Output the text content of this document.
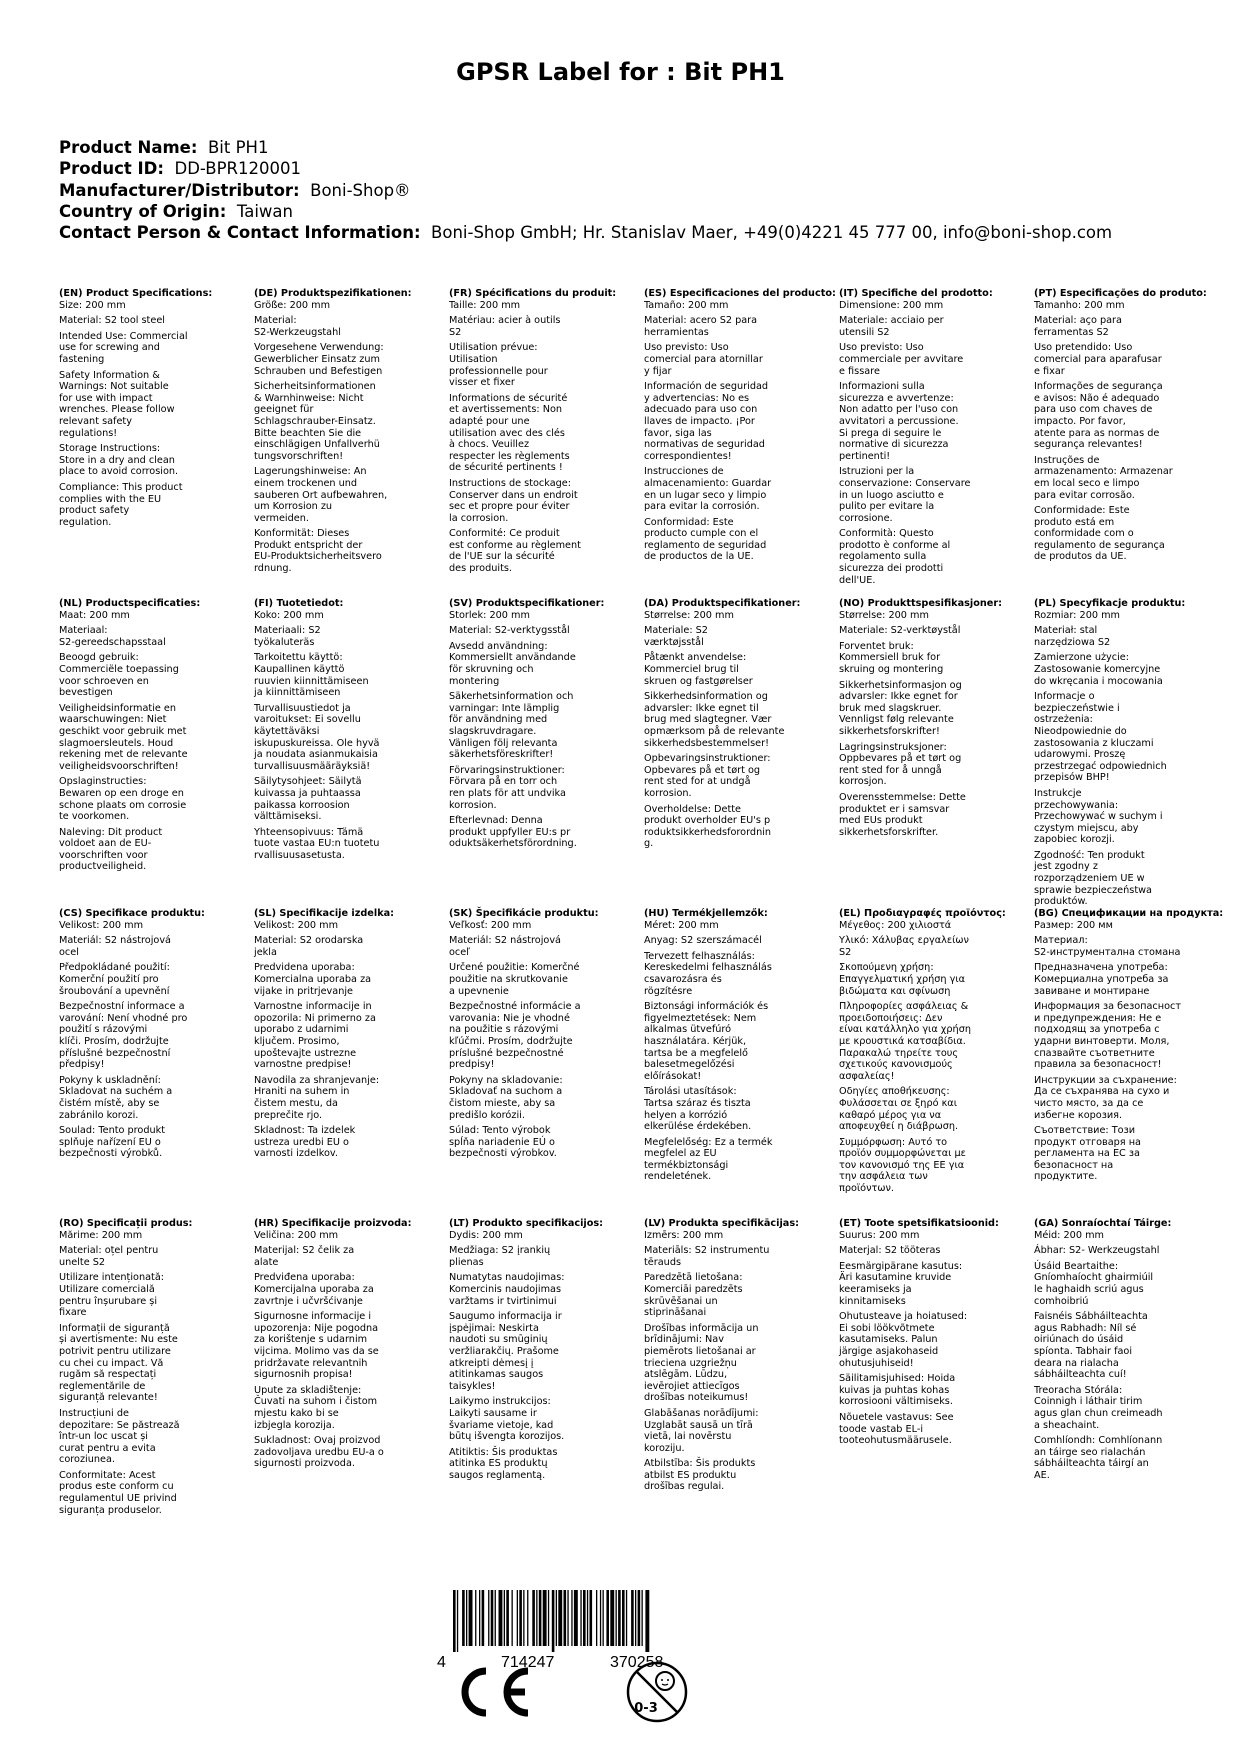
GPSR Label for : Bit PH1
Product Name: Bit PH1
Product ID: DD-BPR120001
Manufacturer/Distributor: Boni-Shop®
Country of Origin: Taiwan
Contact Person & Contact Information: Boni-Shop GmbH; Hr. Stanislav Maer, +49(0)4221 45 777 00, info@boni-shop.com
(EN) Product Specifications:
Size: 200 mm
Material: S2 tool steel
Intended Use: Commercial
use for screwing and
fastening
Safety Information &
Warnings: Not suitable
for use with impact
wrenches. Please follow
relevant safety
regulations!
Storage Instructions:
Store in a dry and clean
place to avoid corrosion.
Compliance: This product
complies with the EU
product safety
regulation.
(DE) Produktspezifikationen:
Größe: 200 mm
Material:
S2-Werkzeugstahl
Vorgesehene Verwendung:
Gewerblicher Einsatz zum
Schrauben und Befestigen
Sicherheitsinformationen
& Warnhinweise: Nicht
geeignet für
Schlagschrauber-Einsatz.
Bitte beachten Sie die
einschlägigen Unfallverhü
tungsvorschriften!
Lagerungshinweise: An
einem trockenen und
sauberen Ort aufbewahren,
um Korrosion zu
vermeiden.
Konformität: Dieses
Produkt entspricht der
EU-Produktsicherheitsvero
rdnung.
(FR) Spécifications du produit:
Taille: 200 mm
Matériau: acier à outils
S2
Utilisation prévue:
Utilisation
professionnelle pour
visser et fixer
Informations de sécurité
et avertissements: Non
adapté pour une
utilisation avec des clés
à chocs. Veuillez
respecter les règlements
de sécurité pertinents !
Instructions de stockage:
Conserver dans un endroit
sec et propre pour éviter
la corrosion.
Conformité: Ce produit
est conforme au règlement
de l'UE sur la sécurité
des produits.
(ES) Especificaciones del producto:
Tamaño: 200 mm
Material: acero S2 para
herramientas
Uso previsto: Uso
comercial para atornillar
y fijar
Información de seguridad
y advertencias: No es
adecuado para uso con
llaves de impacto. ¡Por
favor, siga las
normativas de seguridad
correspondientes!
Instrucciones de
almacenamiento: Guardar
en un lugar seco y limpio
para evitar la corrosión.
Conformidad: Este
producto cumple con el
reglamento de seguridad
de productos de la UE.
(IT) Specifiche del prodotto:
Dimensione: 200 mm
Materiale: acciaio per
utensili S2
Uso previsto: Uso
commerciale per avvitare
e fissare
Informazioni sulla
sicurezza e avvertenze:
Non adatto per l'uso con
avvitatori a percussione.
Si prega di seguire le
normative di sicurezza
pertinenti!
Istruzioni per la
conservazione: Conservare
in un luogo asciutto e
pulito per evitare la
corrosione.
Conformità: Questo
prodotto è conforme al
regolamento sulla
sicurezza dei prodotti
dell'UE.
(PT) Especificações do produto:
Tamanho: 200 mm
Material: aço para
ferramentas S2
Uso pretendido: Uso
comercial para aparafusar
e fixar
Informações de segurança
e avisos: Não é adequado
para uso com chaves de
impacto. Por favor,
atente para as normas de
segurança relevantes!
Instruções de
armazenamento: Armazenar
em local seco e limpo
para evitar corrosão.
Conformidade: Este
produto está em
conformidade com o
regulamento de segurança
de produtos da UE.
(NL) Productspecificaties:
Maat: 200 mm
Materiaal:
S2-gereedschapsstaal
Beoogd gebruik:
Commerciële toepassing
voor schroeven en
bevestigen
Veiligheidsinformatie en
waarschuwingen: Niet
geschikt voor gebruik met
slagmoersleutels. Houd
rekening met de relevante
veiligheidsvoorschriften!
Opslaginstructies:
Bewaren op een droge en
schone plaats om corrosie
te voorkomen.
Naleving: Dit product
voldoet aan de EU-
voorschriften voor
productveiligheid.
(FI) Tuotetiedot:
Koko: 200 mm
Materiaali: S2
työkaluteräs
Tarkoitettu käyttö:
Kaupallinen käyttö
ruuvien kiinnittämiseen
ja kiinnittämiseen
Turvallisuustiedot ja
varoitukset: Ei sovellu
käytettäväksi
iskupuskureissa. Ole hyvä
ja noudata asianmukaisia
turvallisuusmääräyksiä!
Säilytysohjeet: Säilytä
kuivassa ja puhtaassa
paikassa korroosion
välttämiseksi.
Yhteensopivuus: Tämä
tuote vastaa EU:n tuotetu
rvallisuusasetusta.
(SV) Produktspecifikationer:
Storlek: 200 mm
Material: S2-verktygsstål
Avsedd användning:
Kommersiellt användande
för skruvning och
montering
Säkerhetsinformation och
varningar: Inte lämplig
för användning med
slagskruvdragare.
Vänligen följ relevanta
säkerhetsföreskrifter!
Förvaringsinstruktioner:
Förvara på en torr och
ren plats för att undvika
korrosion.
Efterlevnad: Denna
produkt uppfyller EU:s pr
oduktsäkerhetsförordning.
(DA) Produktspecifikationer:
Størrelse: 200 mm
Materiale: S2
værktøjsstål
Påtænkt anvendelse:
Kommerciel brug til
skruen og fastgørelser
Sikkerhedsinformation og
advarsler: Ikke egnet til
brug med slagtegner. Vær
opmærksom på de relevante
sikkerhedsbestemmelser!
Opbevaringsinstruktioner:
Opbevares på et tørt og
rent sted for at undgå
korrosion.
Overholdelse: Dette
produkt overholder EU's p
roduktsikkerhedsforordnin
g.
(NO) Produkttspesifikasjoner:
Størrelse: 200 mm
Materiale: S2-verktøystål
Forventet bruk:
Kommersiell bruk for
skruing og montering
Sikkerhetsinformasjon og
advarsler: Ikke egnet for
bruk med slagskruer.
Vennligst følg relevante
sikkerhetsforskrifter!
Lagringsinstruksjoner:
Oppbevares på et tørt og
rent sted for å unngå
korrosjon.
Overensstemmelse: Dette
produktet er i samsvar
med EUs produkt
sikkerhetsforskrifter.
(PL) Specyfikacje produktu:
Rozmiar: 200 mm
Materiał: stal
narzędziowa S2
Zamierzone użycie:
Zastosowanie komercyjne
do wkręcania i mocowania
Informacje o
bezpieczeństwie i
ostrzeżenia:
Nieodpowiednie do
zastosowania z kluczami
udarowymi. Proszę
przestrzegać odpowiednich
przepisów BHP!
Instrukcje
przechowywania:
Przechowywać w suchym i
czystym miejscu, aby
zapobiec korozji.
Zgodność: Ten produkt
jest zgodny z
rozporządzeniem UE w
sprawie bezpieczeństwa
produktów.
(CS) Specifikace produktu:
Velikost: 200 mm
Materiál: S2 nástrojová
ocel
Předpokládané použití:
Komerční použití pro
šroubování a upevnění
Bezpečnostní informace a
varování: Není vhodné pro
použití s rázovými
klíči. Prosím, dodržujte
příslušné bezpečnostní
předpisy!
Pokyny k uskladnění:
Skladovat na suchém a
čistém místě, aby se
zabránilo korozi.
Soulad: Tento produkt
splňuje nařízení EU o
bezpečnosti výrobků.
(SL) Specifikacije izdelka:
Velikost: 200 mm
Material: S2 orodarska
jekla
Predvidena uporaba:
Komercialna uporaba za
vijake in pritrjevanje
Varnostne informacije in
opozorila: Ni primerno za
uporabo z udarnimi
ključem. Prosimo,
upoštevajte ustrezne
varnostne predpise!
Navodila za shranjevanje:
Hraniti na suhem in
čistem mestu, da
preprečite rjo.
Skladnost: Ta izdelek
ustreza uredbi EU o
varnosti izdelkov.
(SK) Špecifikácie produktu:
Veľkosť: 200 mm
Materiál: S2 nástrojová
oceľ
Určené použitie: Komerčné
použitie na skrutkovanie
a upevnenie
Bezpečnostné informácie a
varovania: Nie je vhodné
na použitie s rázovými
kľúčmi. Prosím, dodržujte
príslušné bezpečnostné
predpisy!
Pokyny na skladovanie:
Skladovať na suchom a
čistom mieste, aby sa
predišlo korózii.
Súlad: Tento výrobok
spĺňa nariadenie EÚ o
bezpečnosti výrobkov.
(HU) Termékjellemzők:
Méret: 200 mm
Anyag: S2 szerszámacél
Tervezett felhasználás:
Kereskedelmi felhasználás
csavarozásra és
rögzítésre
Biztonsági információk és
figyelmeztetések: Nem
alkalmas ütvefúró
használatára. Kérjük,
tartsa be a megfelelő
balesetmegelőzési
előírásokat!
Tárolási utasítások:
Tartsa száraz és tiszta
helyen a korrózió
elkerülése érdekében.
Megfelelőség: Ez a termék
megfelel az EU
termékbiztonsági
rendeletének.
(EL) Προδιαγραφές προϊόντος:
Μέγεθος: 200 χιλιοστά
Υλικό: Χάλυβας εργαλείων
S2
Σκοπούμενη χρήση:
Επαγγελματική χρήση για
βιδώματα και σφίνωση
Πληροφορίες ασφάλειας &
προειδοποιήσεις: Δεν
είναι κατάλληλο για χρήση
με κρουστικά κατσαβίδια.
Παρακαλώ τηρείτε τους
σχετικούς κανονισμούς
ασφαλείας!
Οδηγίες αποθήκευσης:
Φυλάσσεται σε ξηρό και
καθαρό μέρος για να
αποφευχθεί η διάβρωση.
Συμμόρφωση: Αυτό το
προϊόν συμμορφώνεται με
τον κανονισμό της ΕΕ για
την ασφάλεια των
προϊόντων.
(BG) Спецификации на продукта:
Размер: 200 мм
Материал:
S2-инструментална стомана
Предназначена употреба:
Комерциална употреба за
завиване и монтиране
Информация за безопасност
и предупреждения: Не е
подходящ за употреба с
ударни винтоверти. Моля,
спазвайте съответните
правила за безопасност!
Инструкции за съхранение:
Да се съхранява на сухо и
чисто място, за да се
избегне корозия.
Съответствие: Този
продукт отговаря на
регламента на ЕС за
безопасност на
продуктите.
(RO) Specificații produs:
Mărime: 200 mm
Material: oțel pentru
unelte S2
Utilizare intenționată:
Utilizare comercială
pentru înșurubare și
fixare
Informații de siguranță
și avertismente: Nu este
potrivit pentru utilizare
cu chei cu impact. Vă
rugăm să respectați
reglementările de
siguranță relevante!
Instrucțiuni de
depozitare: Se păstrează
într-un loc uscat și
curat pentru a evita
coroziunea.
Conformitate: Acest
produs este conform cu
regulamentul UE privind
siguranța produselor.
(HR) Specifikacije proizvoda:
Veličina: 200 mm
Materijal: S2 čelik za
alate
Predviđena uporaba:
Komercijalna uporaba za
zavrtnje i učvršćivanje
Sigurnosne informacije i
upozorenja: Nije pogodna
za korištenje s udarnim
vijcima. Molimo vas da se
pridržavate relevantnih
sigurnosnih propisa!
Upute za skladištenje:
Čuvati na suhom i čistom
mjestu kako bi se
izbjegla korozija.
Sukladnost: Ovaj proizvod
zadovoljava uredbu EU-a o
sigurnosti proizvoda.
(LT) Produkto specifikacijos:
Dydis: 200 mm
Medžiaga: S2 įrankių
plienas
Numatytas naudojimas:
Komercinis naudojimas
varžtams ir tvirtinimui
Saugumo informacija ir
įspėjimai: Neskirta
naudoti su smūginių
veržliarakčių. Prašome
atkreipti dėmesį į
atitinkamas saugos
taisykles!
Laikymo instrukcijos:
Laikyti sausame ir
švariame vietoje, kad
būtų išvengta korozijos.
Atitiktis: Šis produktas
atitinka ES produktų
saugos reglamentą.
(LV) Produkta specifikācijas:
Izmērs: 200 mm
Materiāls: S2 instrumentu
tērauds
Paredzētā lietošana:
Komerciāi paredzēts
skrūvēšanai un
stiprināšanai
Drošības informācija un
brīdinājumi: Nav
piemērots lietošanai ar
trieciena uzgriežņu
atslēgām. Lūdzu,
ievērojiet attiecīgos
drošības noteikumus!
Glabāšanas norādījumi:
Uzglabāt sausā un tīrā
vietā, lai novērstu
koroziju.
Atbilstība: Šis produkts
atbilst ES produktu
drošības regulai.
(ET) Toote spetsifikatsioonid:
Suurus: 200 mm
Materjal: S2 tööteras
Eesmärgipärane kasutus:
Äri kasutamine kruvide
keeramiseks ja
kinnitamiseks
Ohutusteave ja hoiatused:
Ei sobi löökvõtmete
kasutamiseks. Palun
järgige asjakohaseid
ohutusjuhiseid!
Säilitamisjuhised: Hoida
kuivas ja puhtas kohas
korrosiooni vältimiseks.
Nõuetele vastavus: See
toode vastab EL-i
tooteohutusmäärusele.
(GA) Sonraíochtaí Táirge:
Méid: 200 mm
Ábhar: S2- Werkzeugstahl
Úsáid Beartaithe:
Gníomhaíocht ghairmiúil
le haghaidh scriú agus
comhoibriú
Faisnéis Sábháilteachta
agus Rabhadh: Níl sé
oiriúnach do úsáid
spíonta. Tabhair faoi
deara na rialacha
sábháilteachta cuí!
Treoracha Stórála:
Coinnigh i láthair tirim
agus glan chun creimeadh
a sheachaint.
Comhlíondh: Comhlíonann
an táirge seo rialachán
sábháilteachta táirgí an
AE.
4	714247	370258
0-3
